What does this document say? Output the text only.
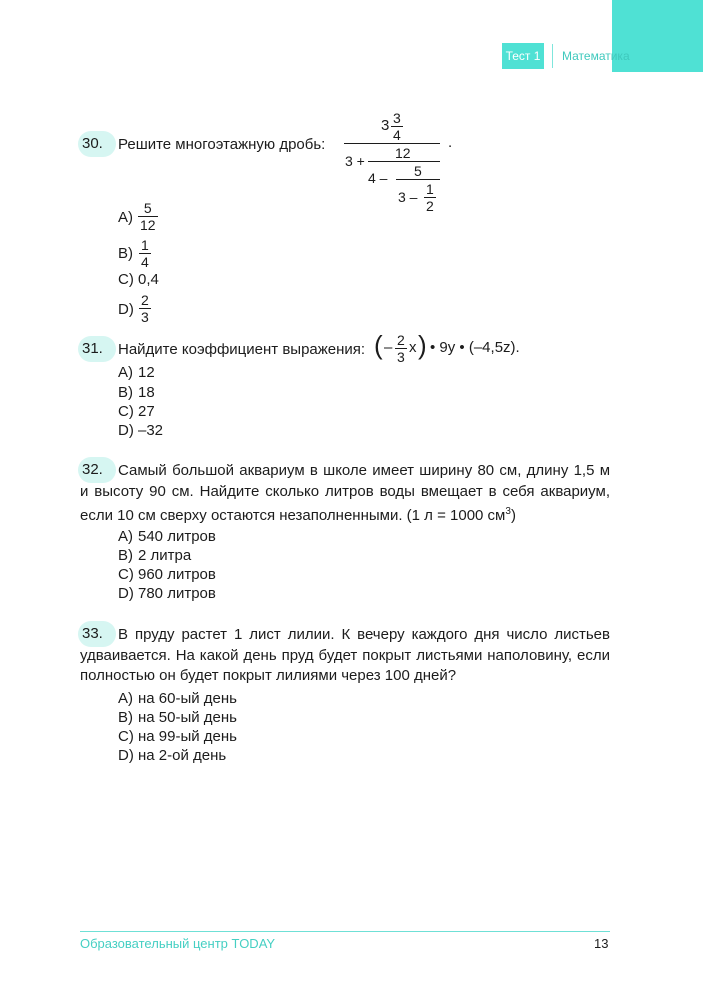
Тест 1 Математика
30.	Решите многоэтажную дробь:
$3 \frac{3}{4}$
3 + 12
4 – 5
$3 - \frac{1}{2}$
.
$A) \frac{5}{12}$
$B) \frac{1}{4}$
C) 0,4
$D) \frac{2}{3}$
31.	Найдите коэффициент выражения: ( – $\frac{2}{3}$ x ) • 9y • (–4,5z).
A) 12
B) 18
C) 27
D) –32
32.	Самый большой аквариум в школе имеет ширину 80 см, длину 1,5 м и высоту 90 см. Найдите сколько литров воды вмещает в себя аквариум, если 10 см сверху остаются незаполненными. (1 л = 1000 $см^3$)
A) 540 литров
B) 2 литра
C) 960 литров
D) 780 литров
33.	В пруду растет 1 лист лилии. К вечеру каждого дня число листьев удваивается. На какой день пруд будет покрыт листьями наполовину, если полностью он будет покрыт лилиями через 100 дней?
A) на 60-ый день
B) на 50-ый день
C) на 99-ый день
D) на 2-ой день
Образовательный центр TODAY	13
